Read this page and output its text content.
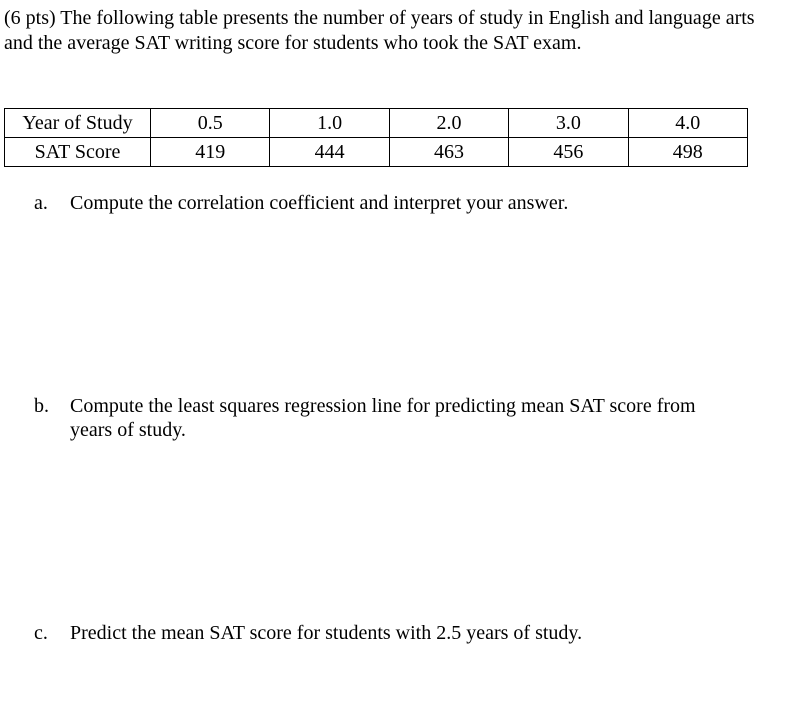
(6 pts) The following table presents the number of years of study in English and language arts and the average SAT writing score for students who took the SAT exam.

Year of Study	0.5	1.0	2.0	3.0	4.0
SAT Score	419	444	463	456	498
a. Compute the correlation coefficient and interpret your answer.
b. Compute the least squares regression line for predicting mean SAT score from years of study.
c. Predict the mean SAT score for students with 2.5 years of study.
